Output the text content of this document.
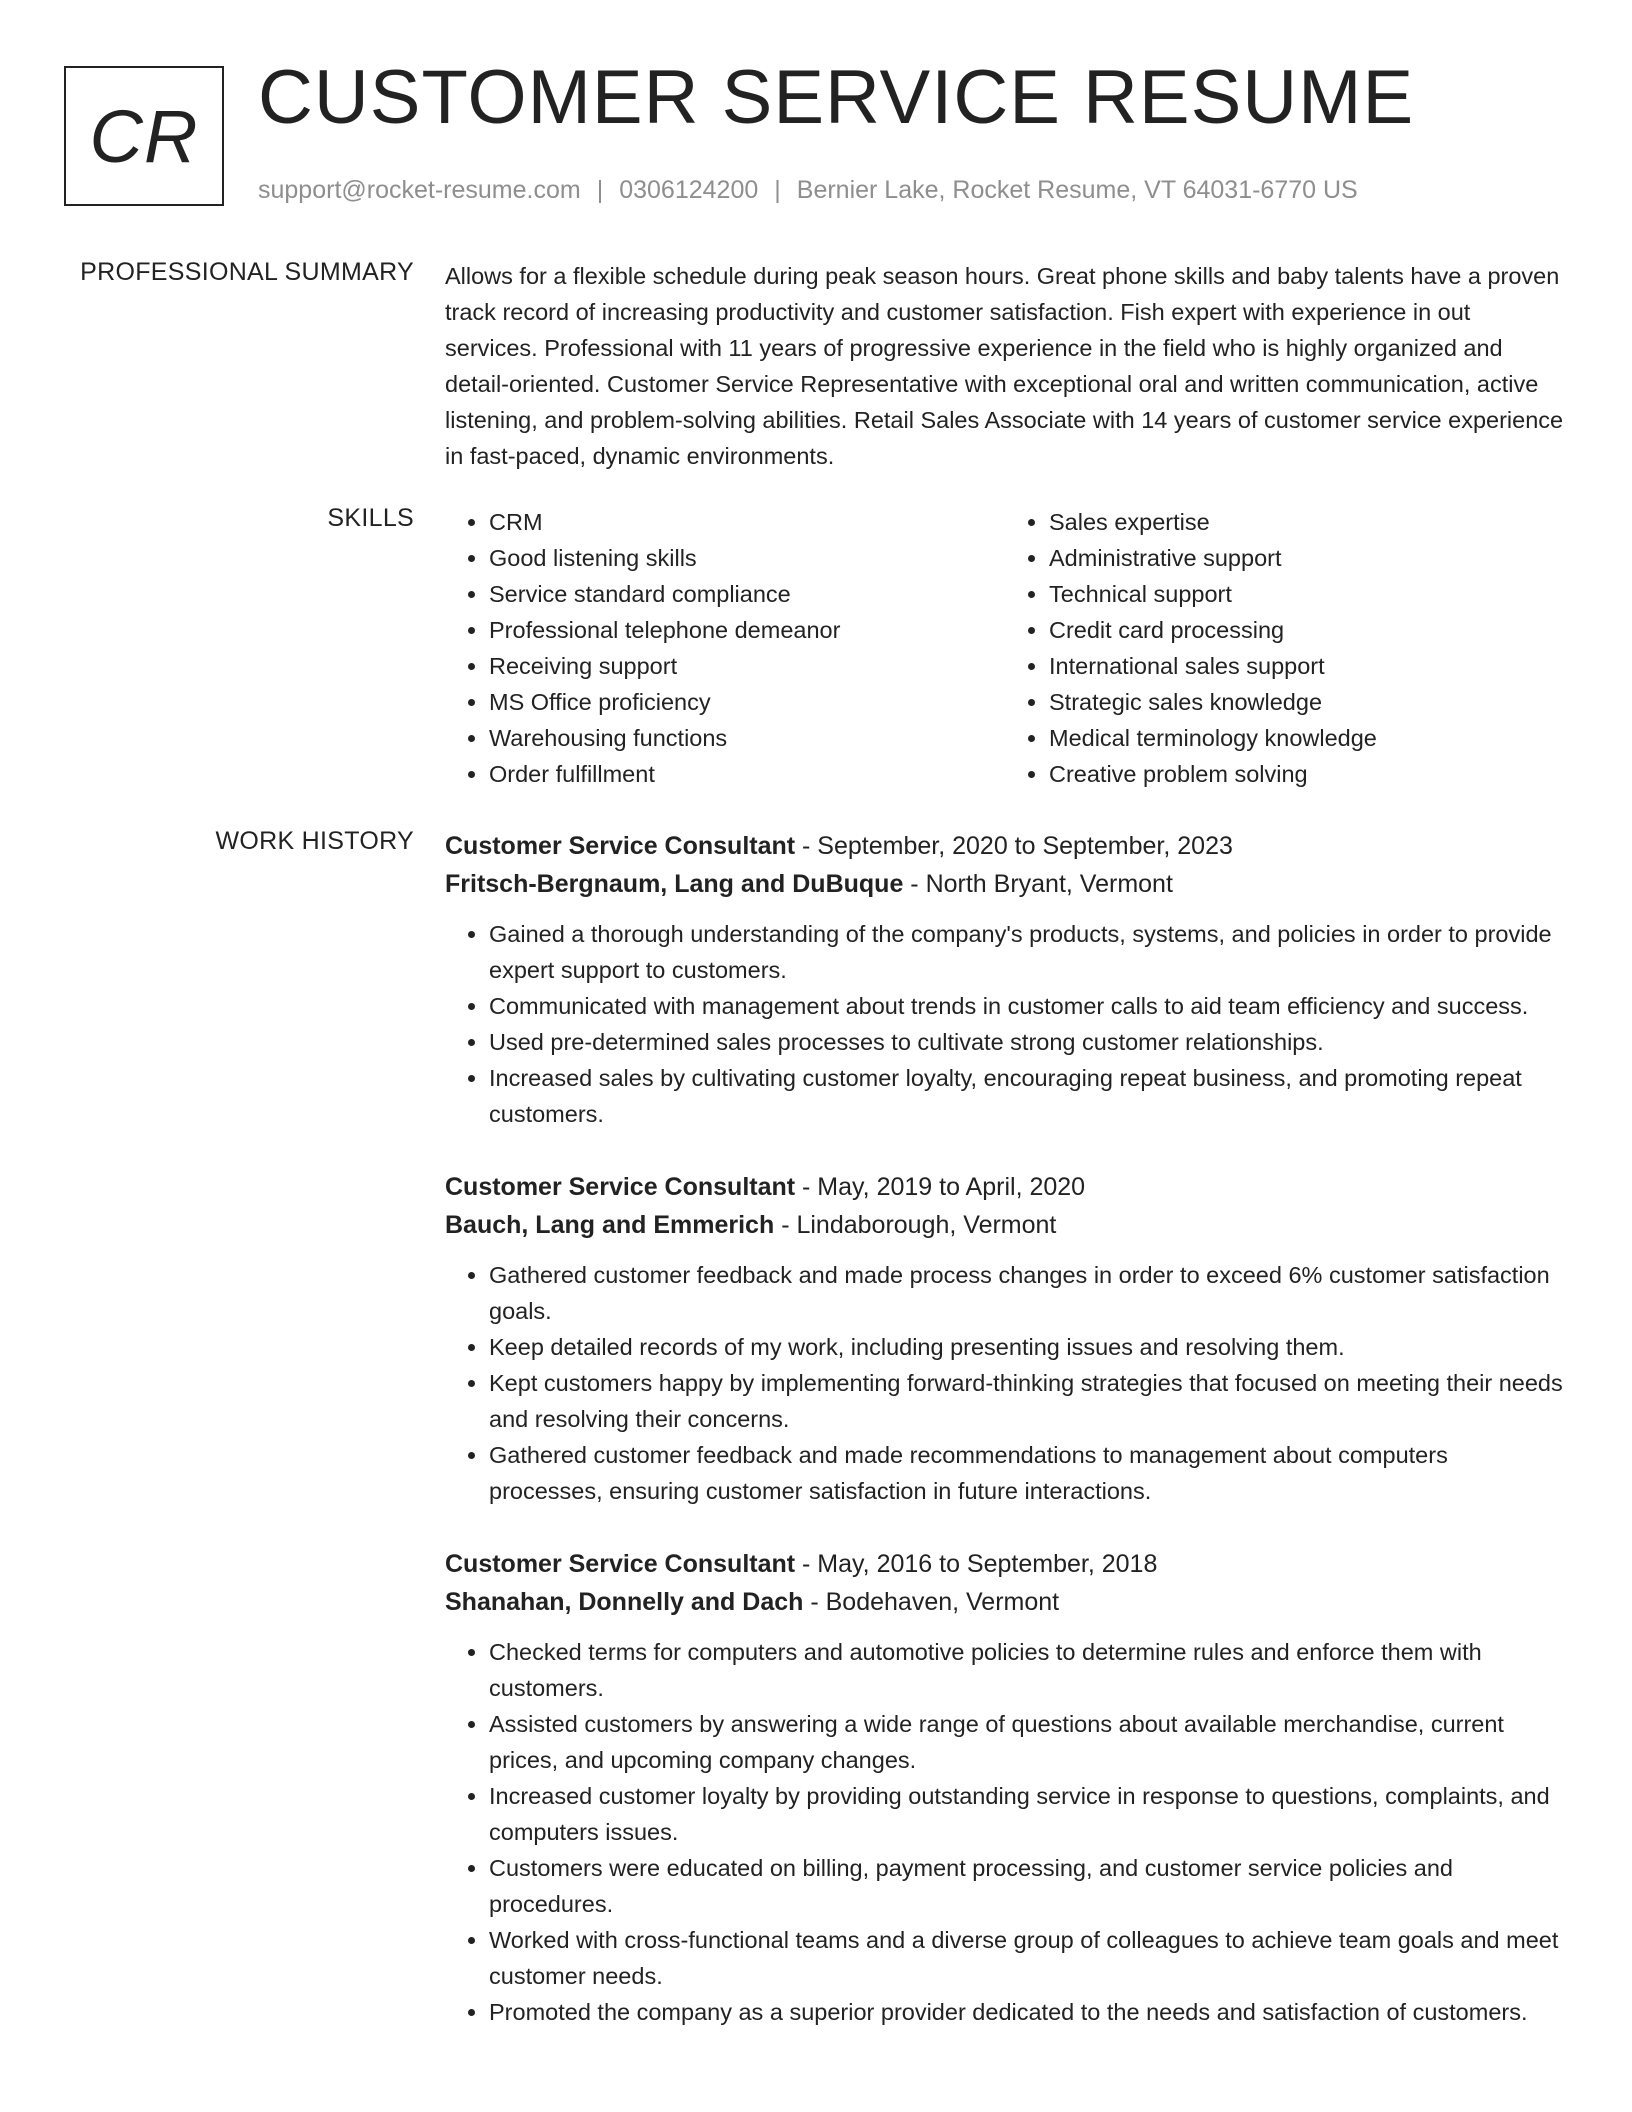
CR CUSTOMER SERVICE RESUME
support@rocket-resume.com | 0306124200 | Bernier Lake, Rocket Resume, VT 64031-6770 US
PROFESSIONAL SUMMARY Allows for a flexible schedule during peak season hours. Great phone skills and baby talents have a proven track record of increasing productivity and customer satisfaction. Fish expert with experience in out services. Professional with 11 years of progressive experience in the field who is highly organized and detail-oriented. Customer Service Representative with exceptional oral and written communication, active listening, and problem-solving abilities. Retail Sales Associate with 14 years of customer service experience in fast-paced, dynamic environments.

SKILLS
•	CRM
• Good listening skills
• Service standard compliance
• Professional telephone demeanor
• Receiving support
• MS Office proficiency
• Warehousing functions
• Order fulfillment
• Sales expertise
• Administrative support
• Technical support
• Credit card processing
• International sales support
• Strategic sales knowledge
• Medical terminology knowledge
• Creative problem solving
WORK HISTORY Customer Service Consultant - September, 2020 to September, 2023
Fritsch-Bergnaum, Lang and DuBuque - North Bryant, Vermont
• Gained a thorough understanding of the company's products, systems, and policies in order to provide expert support to customers.
• Communicated with management about trends in customer calls to aid team efficiency and success.
• Used pre-determined sales processes to cultivate strong customer relationships.
• Increased sales by cultivating customer loyalty, encouraging repeat business, and promoting repeat customers.
Customer Service Consultant - May, 2019 to April, 2020
Bauch, Lang and Emmerich - Lindaborough, Vermont
• Gathered customer feedback and made process changes in order to exceed 6% customer satisfaction goals.
• Keep detailed records of my work, including presenting issues and resolving them.
• Kept customers happy by implementing forward-thinking strategies that focused on meeting their needs and resolving their concerns.
• Gathered customer feedback and made recommendations to management about computers processes, ensuring customer satisfaction in future interactions.
Customer Service Consultant - May, 2016 to September, 2018
Shanahan, Donnelly and Dach - Bodehaven, Vermont
• Checked terms for computers and automotive policies to determine rules and enforce them with customers.
• Assisted customers by answering a wide range of questions about available merchandise, current prices, and upcoming company changes.
• Increased customer loyalty by providing outstanding service in response to questions, complaints, and computers issues.
• Customers were educated on billing, payment processing, and customer service policies and procedures.
• Worked with cross-functional teams and a diverse group of colleagues to achieve team goals and meet customer needs.
• Promoted the company as a superior provider dedicated to the needs and satisfaction of customers.
